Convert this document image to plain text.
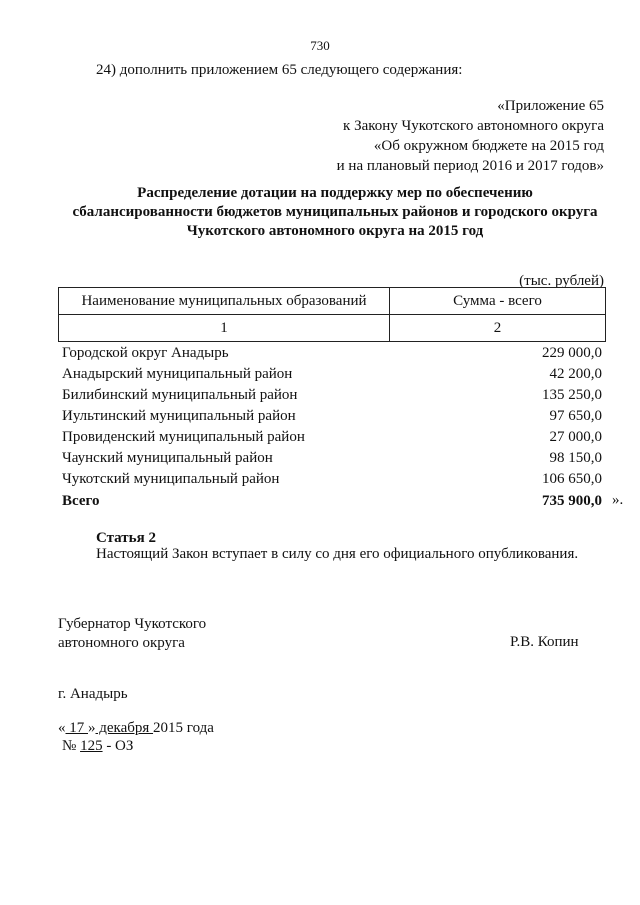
730
24) дополнить приложением 65 следующего содержания:
«Приложение 65
к Закону Чукотского автономного округа
«Об окружном бюджете на 2015 год
и на плановый период 2016 и 2017 годов»
Распределение дотации на поддержку мер по обеспечению
сбалансированности бюджетов муниципальных районов и городского округа
Чукотского автономного округа на 2015 год
(тыс. рублей)
Наименование муниципальных образований	Сумма - всего
1	2
Городской округ Анадырь	229 000,0
Анадырский муниципальный район	42 200,0
Билибинский муниципальный район	135 250,0
Иультинский муниципальный район	97 650,0
Провиденский муниципальный район	27 000,0
Чаунский муниципальный район	98 150,0
Чукотский муниципальный район	106 650,0
Всего	735 900,0 ».
Статья 2
Настоящий Закон вступает в силу со дня его официального опубликования.
Губернатор Чукотского
автономного округа	Р.В. Копин
г. Анадырь
« 17 » декабря 2015 года
№ 125 - ОЗ
